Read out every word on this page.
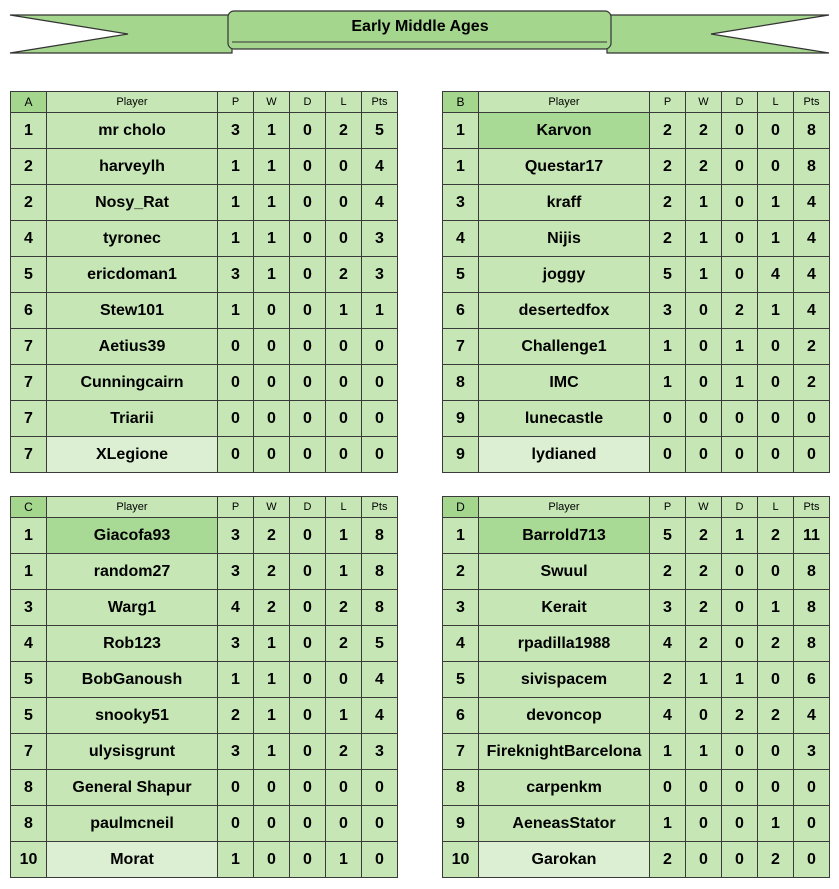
Early Middle Ages
A	Player	P	W	D	L	Pts
1	mr cholo	3	1	0	2	5
2	harveylh	1	1	0	0	4
2	Nosy_Rat	1	1	0	0	4
4	tyronec	1	1	0	0	3
5	ericdoman1	3	1	0	2	3
6	Stew101	1	0	0	1	1
7	Aetius39	0	0	0	0	0
7	Cunningcairn	0	0	0	0	0
7	Triarii	0	0	0	0	0
7	XLegione	0	0	0	0	0
B	Player	P	W	D	L	Pts
1	Karvon	2	2	0	0	8
1	Questar17	2	2	0	0	8
3	kraff	2	1	0	1	4
4	Nijis	2	1	0	1	4
5	joggy	5	1	0	4	4
6	desertedfox	3	0	2	1	4
7	Challenge1	1	0	1	0	2
8	IMC	1	0	1	0	2
9	lunecastle	0	0	0	0	0
9	lydianed	0	0	0	0	0
C	Player	P	W	D	L	Pts
1	Giacofa93	3	2	0	1	8
1	random27	3	2	0	1	8
3	Warg1	4	2	0	2	8
4	Rob123	3	1	0	2	5
5	BobGanoush	1	1	0	0	4
5	snooky51	2	1	0	1	4
7	ulysisgrunt	3	1	0	2	3
8	General Shapur	0	0	0	0	0
8	paulmcneil	0	0	0	0	0
10	Morat	1	0	0	1	0
D	Player	P	W	D	L	Pts
1	Barrold713	5	2	1	2	11
2	Swuul	2	2	0	0	8
3	Kerait	3	2	0	1	8
4	rpadilla1988	4	2	0	2	8
5	sivispacem	2	1	1	0	6
6	devoncop	4	0	2	2	4
7	FireknightBarcelona	1	1	0	0	3
8	carpenkm	0	0	0	0	0
9	AeneasStator	1	0	0	1	0
10	Garokan	2	0	0	2	0
